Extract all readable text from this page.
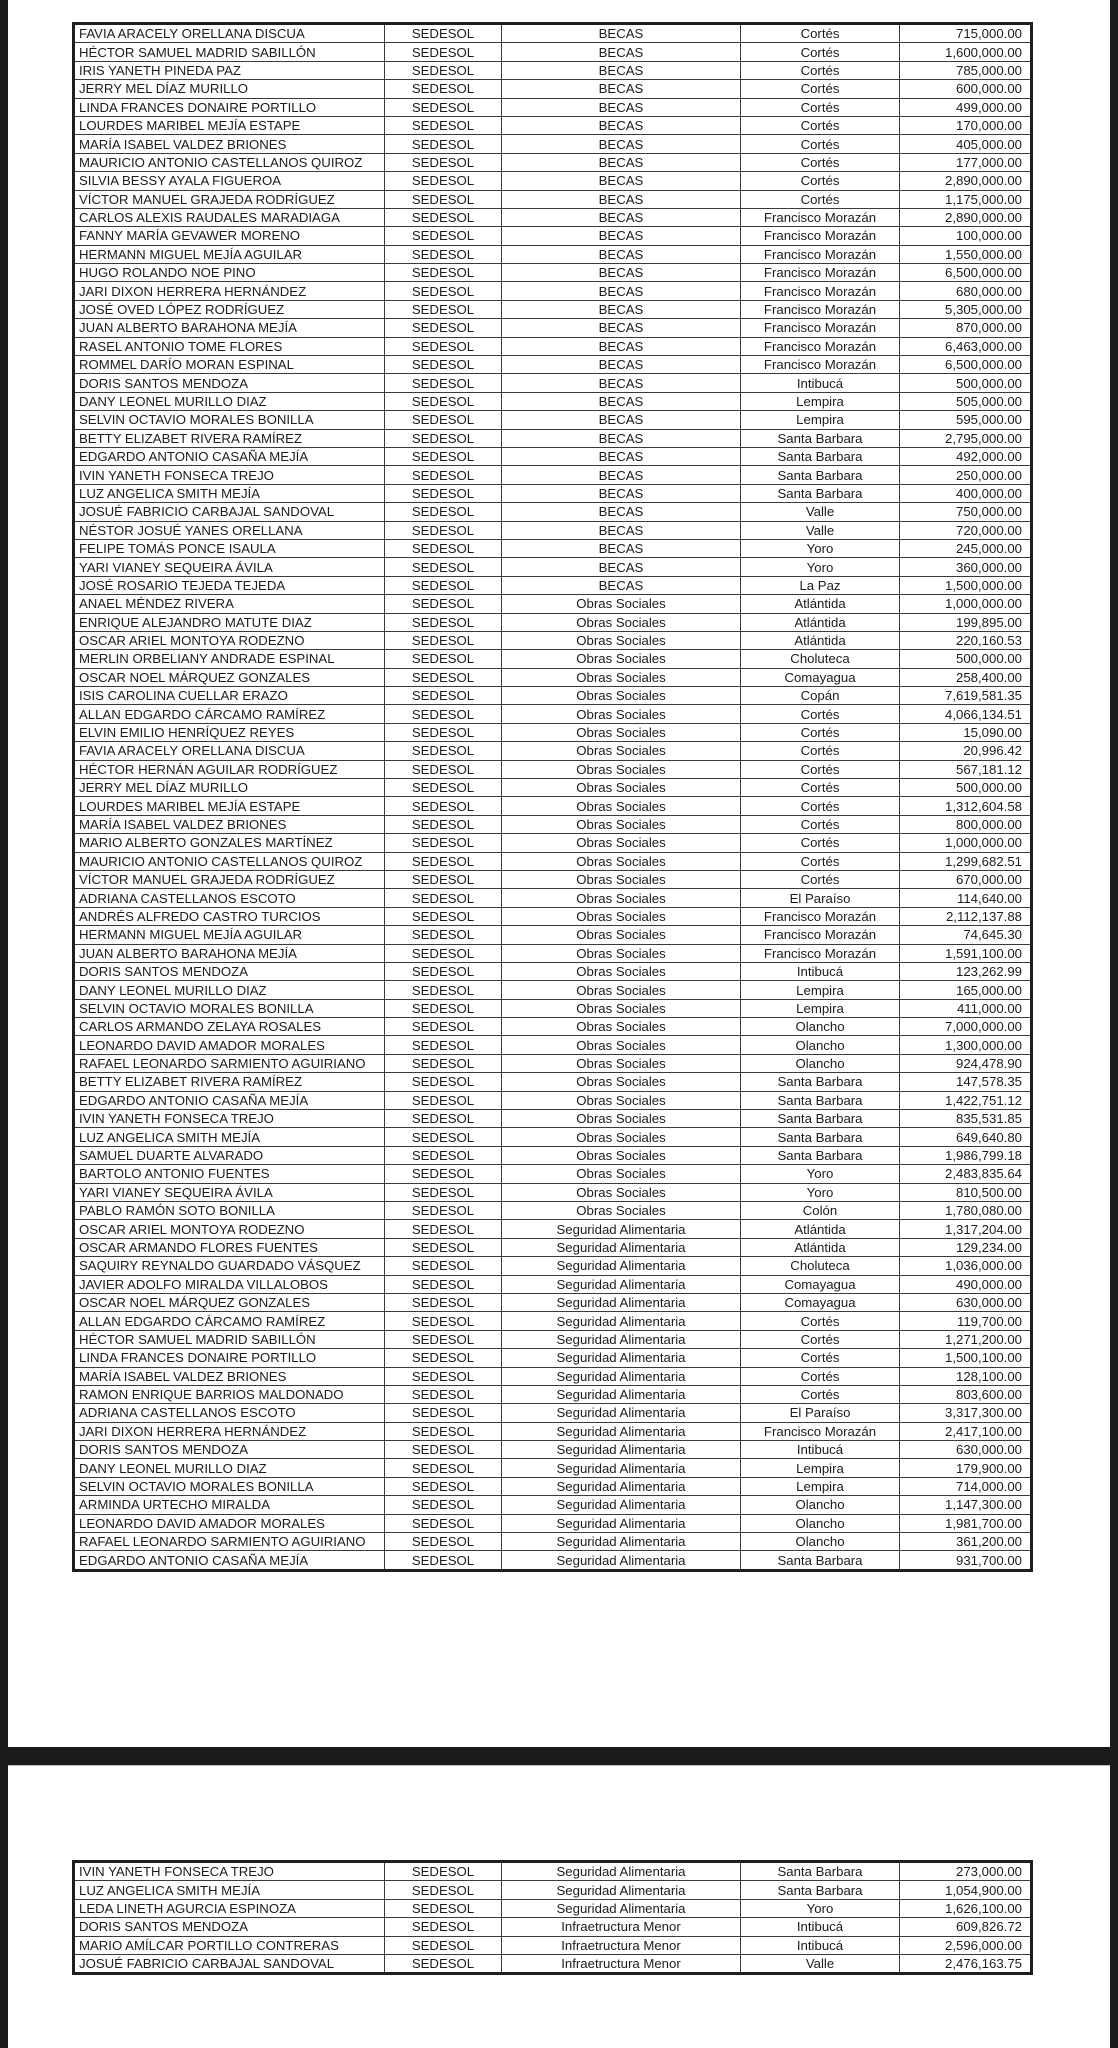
FAVIA ARACELY ORELLANA DISCUA	SEDESOL	BECAS	Cortés	715,000.00
HÉCTOR SAMUEL MADRID SABILLÓN	SEDESOL	BECAS	Cortés	1,600,000.00
IRIS YANETH PINEDA PAZ	SEDESOL	BECAS	Cortés	785,000.00
JERRY MEL DÍAZ MURILLO	SEDESOL	BECAS	Cortés	600,000.00
LINDA FRANCES DONAIRE PORTILLO	SEDESOL	BECAS	Cortés	499,000.00
LOURDES MARIBEL MEJÍA ESTAPE	SEDESOL	BECAS	Cortés	170,000.00
MARÍA ISABEL VALDEZ BRIONES	SEDESOL	BECAS	Cortés	405,000.00
MAURICIO ANTONIO CASTELLANOS QUIROZ	SEDESOL	BECAS	Cortés	177,000.00
SILVIA BESSY AYALA FIGUEROA	SEDESOL	BECAS	Cortés	2,890,000.00
VÍCTOR MANUEL GRAJEDA RODRÍGUEZ	SEDESOL	BECAS	Cortés	1,175,000.00
CARLOS ALEXIS RAUDALES MARADIAGA	SEDESOL	BECAS	Francisco Morazán	2,890,000.00
FANNY MARÍA GEVAWER MORENO	SEDESOL	BECAS	Francisco Morazán	100,000.00
HERMANN MIGUEL MEJÍA AGUILAR	SEDESOL	BECAS	Francisco Morazán	1,550,000.00
HUGO ROLANDO NOE PINO	SEDESOL	BECAS	Francisco Morazán	6,500,000.00
JARI DIXON HERRERA HERNÁNDEZ	SEDESOL	BECAS	Francisco Morazán	680,000.00
JOSÉ OVED LÓPEZ RODRÍGUEZ	SEDESOL	BECAS	Francisco Morazán	5,305,000.00
JUAN ALBERTO BARAHONA MEJÍA	SEDESOL	BECAS	Francisco Morazán	870,000.00
RASEL ANTONIO TOME FLORES	SEDESOL	BECAS	Francisco Morazán	6,463,000.00
ROMMEL DARÍO MORAN ESPINAL	SEDESOL	BECAS	Francisco Morazán	6,500,000.00
DORIS SANTOS MENDOZA	SEDESOL	BECAS	Intibucá	500,000.00
DANY LEONEL MURILLO DIAZ	SEDESOL	BECAS	Lempira	505,000.00
SELVIN OCTAVIO MORALES BONILLA	SEDESOL	BECAS	Lempira	595,000.00
BETTY ELIZABET RIVERA RAMÍREZ	SEDESOL	BECAS	Santa Barbara	2,795,000.00
EDGARDO ANTONIO CASAÑA MEJÍA	SEDESOL	BECAS	Santa Barbara	492,000.00
IVIN YANETH FONSECA TREJO	SEDESOL	BECAS	Santa Barbara	250,000.00
LUZ ANGELICA SMITH MEJÍA	SEDESOL	BECAS	Santa Barbara	400,000.00
JOSUÉ FABRICIO CARBAJAL SANDOVAL	SEDESOL	BECAS	Valle	750,000.00
NÉSTOR JOSUÉ YANES ORELLANA	SEDESOL	BECAS	Valle	720,000.00
FELIPE TOMÁS PONCE ISAULA	SEDESOL	BECAS	Yoro	245,000.00
YARI VIANEY SEQUEIRA ÁVILA	SEDESOL	BECAS	Yoro	360,000.00
JOSÉ ROSARIO TEJEDA TEJEDA	SEDESOL	BECAS	La Paz	1,500,000.00
ANAEL MÉNDEZ RIVERA	SEDESOL	Obras Sociales	Atlántida	1,000,000.00
ENRIQUE ALEJANDRO MATUTE DIAZ	SEDESOL	Obras Sociales	Atlántida	199,895.00
OSCAR ARIEL MONTOYA RODEZNO	SEDESOL	Obras Sociales	Atlántida	220,160.53
MERLIN ORBELIANY ANDRADE ESPINAL	SEDESOL	Obras Sociales	Choluteca	500,000.00
OSCAR NOEL MÁRQUEZ GONZALES	SEDESOL	Obras Sociales	Comayagua	258,400.00
ISIS CAROLINA CUELLAR ERAZO	SEDESOL	Obras Sociales	Copán	7,619,581.35
ALLAN EDGARDO CÁRCAMO RAMÍREZ	SEDESOL	Obras Sociales	Cortés	4,066,134.51
ELVIN EMILIO HENRÍQUEZ REYES	SEDESOL	Obras Sociales	Cortés	15,090.00
FAVIA ARACELY ORELLANA DISCUA	SEDESOL	Obras Sociales	Cortés	20,996.42
HÉCTOR HERNÁN AGUILAR RODRÍGUEZ	SEDESOL	Obras Sociales	Cortés	567,181.12
JERRY MEL DÍAZ MURILLO	SEDESOL	Obras Sociales	Cortés	500,000.00
LOURDES MARIBEL MEJÍA ESTAPE	SEDESOL	Obras Sociales	Cortés	1,312,604.58
MARÍA ISABEL VALDEZ BRIONES	SEDESOL	Obras Sociales	Cortés	800,000.00
MARIO ALBERTO GONZALES MARTÍNEZ	SEDESOL	Obras Sociales	Cortés	1,000,000.00
MAURICIO ANTONIO CASTELLANOS QUIROZ	SEDESOL	Obras Sociales	Cortés	1,299,682.51
VÍCTOR MANUEL GRAJEDA RODRÍGUEZ	SEDESOL	Obras Sociales	Cortés	670,000.00
ADRIANA CASTELLANOS ESCOTO	SEDESOL	Obras Sociales	El Paraíso	114,640.00
ANDRÉS ALFREDO CASTRO TURCIOS	SEDESOL	Obras Sociales	Francisco Morazán	2,112,137.88
HERMANN MIGUEL MEJÍA AGUILAR	SEDESOL	Obras Sociales	Francisco Morazán	74,645.30
JUAN ALBERTO BARAHONA MEJÍA	SEDESOL	Obras Sociales	Francisco Morazán	1,591,100.00
DORIS SANTOS MENDOZA	SEDESOL	Obras Sociales	Intibucá	123,262.99
DANY LEONEL MURILLO DIAZ	SEDESOL	Obras Sociales	Lempira	165,000.00
SELVIN OCTAVIO MORALES BONILLA	SEDESOL	Obras Sociales	Lempira	411,000.00
CARLOS ARMANDO ZELAYA ROSALES	SEDESOL	Obras Sociales	Olancho	7,000,000.00
LEONARDO DAVID AMADOR MORALES	SEDESOL	Obras Sociales	Olancho	1,300,000.00
RAFAEL LEONARDO SARMIENTO AGUIRIANO	SEDESOL	Obras Sociales	Olancho	924,478.90
BETTY ELIZABET RIVERA RAMÍREZ	SEDESOL	Obras Sociales	Santa Barbara	147,578.35
EDGARDO ANTONIO CASAÑA MEJÍA	SEDESOL	Obras Sociales	Santa Barbara	1,422,751.12
IVIN YANETH FONSECA TREJO	SEDESOL	Obras Sociales	Santa Barbara	835,531.85
LUZ ANGELICA SMITH MEJÍA	SEDESOL	Obras Sociales	Santa Barbara	649,640.80
SAMUEL DUARTE ALVARADO	SEDESOL	Obras Sociales	Santa Barbara	1,986,799.18
BARTOLO ANTONIO FUENTES	SEDESOL	Obras Sociales	Yoro	2,483,835.64
YARI VIANEY SEQUEIRA ÁVILA	SEDESOL	Obras Sociales	Yoro	810,500.00
PABLO RAMÓN SOTO BONILLA	SEDESOL	Obras Sociales	Colón	1,780,080.00
OSCAR ARIEL MONTOYA RODEZNO	SEDESOL	Seguridad Alimentaria	Atlántida	1,317,204.00
OSCAR ARMANDO FLORES FUENTES	SEDESOL	Seguridad Alimentaria	Atlántida	129,234.00
SAQUIRY REYNALDO GUARDADO VÁSQUEZ	SEDESOL	Seguridad Alimentaria	Choluteca	1,036,000.00
JAVIER ADOLFO MIRALDA VILLALOBOS	SEDESOL	Seguridad Alimentaria	Comayagua	490,000.00
OSCAR NOEL MÁRQUEZ GONZALES	SEDESOL	Seguridad Alimentaria	Comayagua	630,000.00
ALLAN EDGARDO CÁRCAMO RAMÍREZ	SEDESOL	Seguridad Alimentaria	Cortés	119,700.00
HÉCTOR SAMUEL MADRID SABILLÓN	SEDESOL	Seguridad Alimentaria	Cortés	1,271,200.00
LINDA FRANCES DONAIRE PORTILLO	SEDESOL	Seguridad Alimentaria	Cortés	1,500,100.00
MARÍA ISABEL VALDEZ BRIONES	SEDESOL	Seguridad Alimentaria	Cortés	128,100.00
RAMON ENRIQUE BARRIOS MALDONADO	SEDESOL	Seguridad Alimentaria	Cortés	803,600.00
ADRIANA CASTELLANOS ESCOTO	SEDESOL	Seguridad Alimentaria	El Paraíso	3,317,300.00
JARI DIXON HERRERA HERNÁNDEZ	SEDESOL	Seguridad Alimentaria	Francisco Morazán	2,417,100.00
DORIS SANTOS MENDOZA	SEDESOL	Seguridad Alimentaria	Intibucá	630,000.00
DANY LEONEL MURILLO DIAZ	SEDESOL	Seguridad Alimentaria	Lempira	179,900.00
SELVIN OCTAVIO MORALES BONILLA	SEDESOL	Seguridad Alimentaria	Lempira	714,000.00
ARMINDA URTECHO MIRALDA	SEDESOL	Seguridad Alimentaria	Olancho	1,147,300.00
LEONARDO DAVID AMADOR MORALES	SEDESOL	Seguridad Alimentaria	Olancho	1,981,700.00
RAFAEL LEONARDO SARMIENTO AGUIRIANO	SEDESOL	Seguridad Alimentaria	Olancho	361,200.00
EDGARDO ANTONIO CASAÑA MEJÍA	SEDESOL	Seguridad Alimentaria	Santa Barbara	931,700.00
IVIN YANETH FONSECA TREJO	SEDESOL	Seguridad Alimentaria	Santa Barbara	273,000.00
LUZ ANGELICA SMITH MEJÍA	SEDESOL	Seguridad Alimentaria	Santa Barbara	1,054,900.00
LEDA LINETH AGURCIA ESPINOZA	SEDESOL	Seguridad Alimentaria	Yoro	1,626,100.00
DORIS SANTOS MENDOZA	SEDESOL	Infraetructura Menor	Intibucá	609,826.72
MARIO AMÍLCAR PORTILLO CONTRERAS	SEDESOL	Infraetructura Menor	Intibucá	2,596,000.00
JOSUÉ FABRICIO CARBAJAL SANDOVAL	SEDESOL	Infraetructura Menor	Valle	2,476,163.75
